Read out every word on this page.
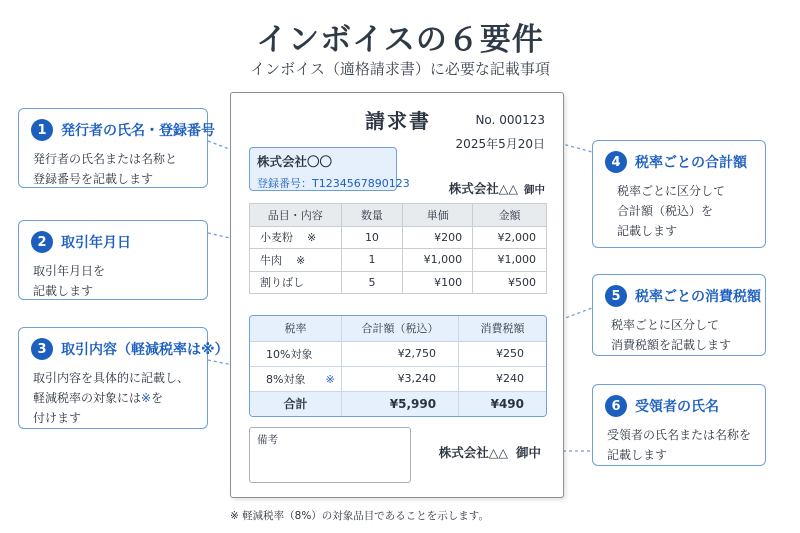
インボイスの６要件
インボイス（適格請求書）に必要な記載事項
1	発行者の氏名・登録番号
発行者の氏名または名称と
登録番号を記載します
2	取引年月日
取引年月日を
記載します
3	取引内容（軽減税率は※）
取引内容を具体的に記載し、
軽減税率の対象には※を
付けます
4	税率ごとの合計額
税率ごとに区分して
合計額（税込）を
記載します
5	税率ごとの消費税額
税率ごとに区分して
消費税額を記載します
6	受領者の氏名
受領者の氏名または名称を
記載します
請求書	No. 000123
2025年5月20日
株式会社〇〇
登録番号：T1234567890123	株式会社△△ 御中
品目・内容	数量	単価	金額
小麦粉 ※	10	¥200	¥2,000
牛肉 ※	1	¥1,000	¥1,000
割りばし	5	¥100	¥500
税率	合計額（税込）	消費税額
10%対象	¥2,750	¥250
8%対象 ※	¥3,240	¥240
合計	¥5,990	¥490
備考
株式会社△△ 御中
※ 軽減税率（8%）の対象品目であることを示します。
